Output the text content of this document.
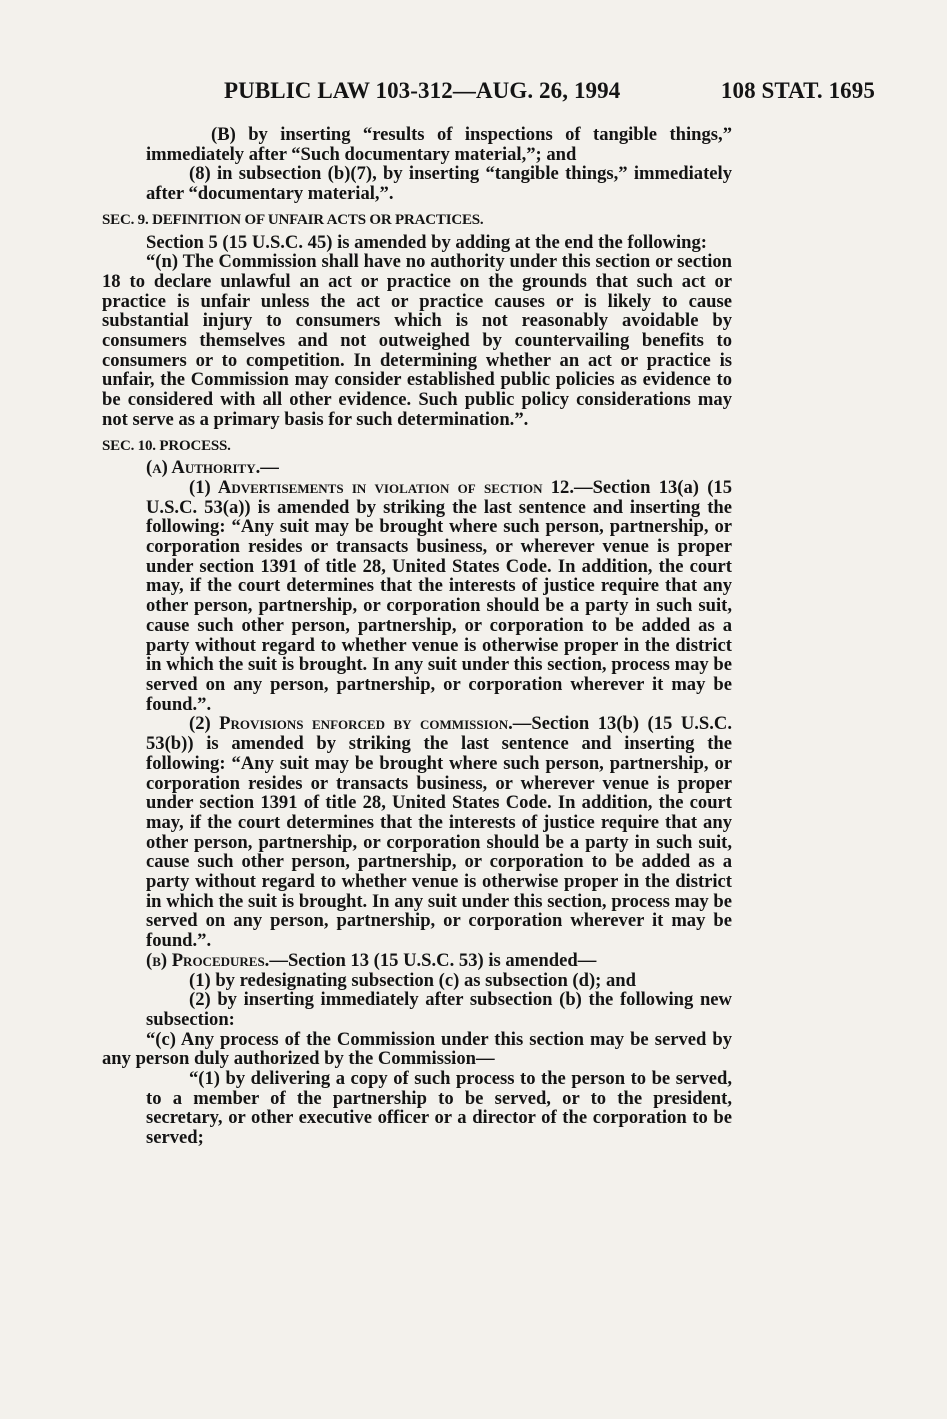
PUBLIC LAW 103-312—AUG. 26, 1994	108 STAT. 1695

(B) by inserting “results of inspections of tangible things,” immediately after “Such documentary material,”; and

(8) in subsection (b)(7), by inserting “tangible things,” immediately after “documentary material,”.

SEC. 9. DEFINITION OF UNFAIR ACTS OR PRACTICES.

Section 5 (15 U.S.C. 45) is amended by adding at the end the following:

“(n) The Commission shall have no authority under this section or section 18 to declare unlawful an act or practice on the grounds that such act or practice is unfair unless the act or practice causes or is likely to cause substantial injury to consumers which is not reasonably avoidable by consumers themselves and not outweighed by countervailing benefits to consumers or to competition. In determining whether an act or practice is unfair, the Commission may consider established public policies as evidence to be considered with all other evidence. Such public policy considerations may not serve as a primary basis for such determination.”.

SEC. 10. PROCESS.

(a) Authority.—

(1) Advertisements in violation of section 12.—Section 13(a) (15 U.S.C. 53(a)) is amended by striking the last sentence and inserting the following: “Any suit may be brought where such person, partnership, or corporation resides or transacts business, or wherever venue is proper under section 1391 of title 28, United States Code. In addition, the court may, if the court determines that the interests of justice require that any other person, partnership, or corporation should be a party in such suit, cause such other person, partnership, or corporation to be added as a party without regard to whether venue is otherwise proper in the district in which the suit is brought. In any suit under this section, process may be served on any person, partnership, or corporation wherever it may be found.”.

(2) Provisions enforced by commission.—Section 13(b) (15 U.S.C. 53(b)) is amended by striking the last sentence and inserting the following: “Any suit may be brought where such person, partnership, or corporation resides or transacts business, or wherever venue is proper under section 1391 of title 28, United States Code. In addition, the court may, if the court determines that the interests of justice require that any other person, partnership, or corporation should be a party in such suit, cause such other person, partnership, or corporation to be added as a party without regard to whether venue is otherwise proper in the district in which the suit is brought. In any suit under this section, process may be served on any person, partnership, or corporation wherever it may be found.”.

(b) Procedures.—Section 13 (15 U.S.C. 53) is amended—

(1) by redesignating subsection (c) as subsection (d); and

(2) by inserting immediately after subsection (b) the following new subsection:

“(c) Any process of the Commission under this section may be served by any person duly authorized by the Commission—

“(1) by delivering a copy of such process to the person to be served, to a member of the partnership to be served, or to the president, secretary, or other executive officer or a director of the corporation to be served;
